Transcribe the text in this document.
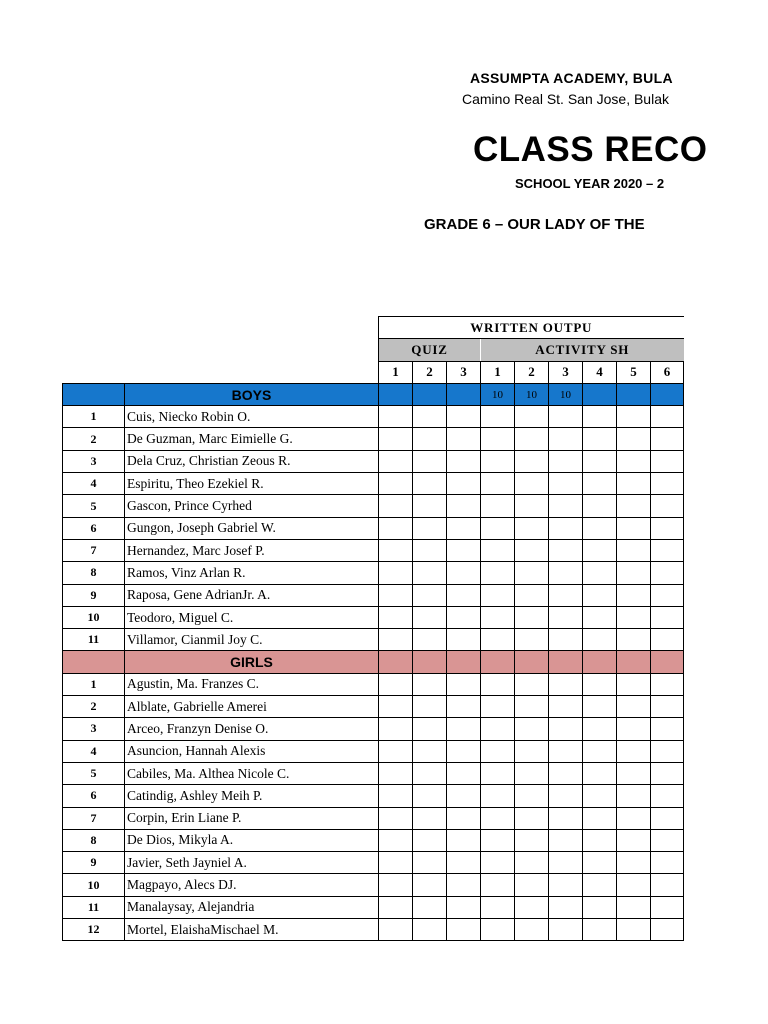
ASSUMPTA ACADEMY, BULA
Camino Real St. San Jose, Bulak
CLASS RECO
SCHOOL YEAR 2020 – 2
GRADE 6 – OUR LADY OF THE
		WRITTEN OUTPU								
		QUIZ			ACTIVITY SH					
		1	2	3	1	2	3	4	5	6
	BOYS				10	10	10			
1	Cuis, Niecko Robin O.									
2	De Guzman, Marc Eimielle G.									
3	Dela Cruz, Christian Zeous R.									
4	Espiritu, Theo Ezekiel R.									
5	Gascon, Prince Cyrhed									
6	Gungon, Joseph Gabriel W.									
7	Hernandez, Marc Josef P.									
8	Ramos, Vinz Arlan R.									
9	Raposa, Gene AdrianJr. A.									
10	Teodoro, Miguel C.									
11	Villamor, Cianmil Joy C.									
	GIRLS									
1	Agustin, Ma. Franzes C.									
2	Alblate, Gabrielle Amerei									
3	Arceo, Franzyn Denise O.									
4	Asuncion, Hannah Alexis									
5	Cabiles, Ma. Althea Nicole C.									
6	Catindig, Ashley Meih P.									
7	Corpin, Erin Liane P.									
8	De Dios, Mikyla A.									
9	Javier, Seth Jayniel A.									
10	Magpayo, Alecs DJ.									
11	Manalaysay, Alejandria									
12	Mortel, ElaishaMischael M.									
